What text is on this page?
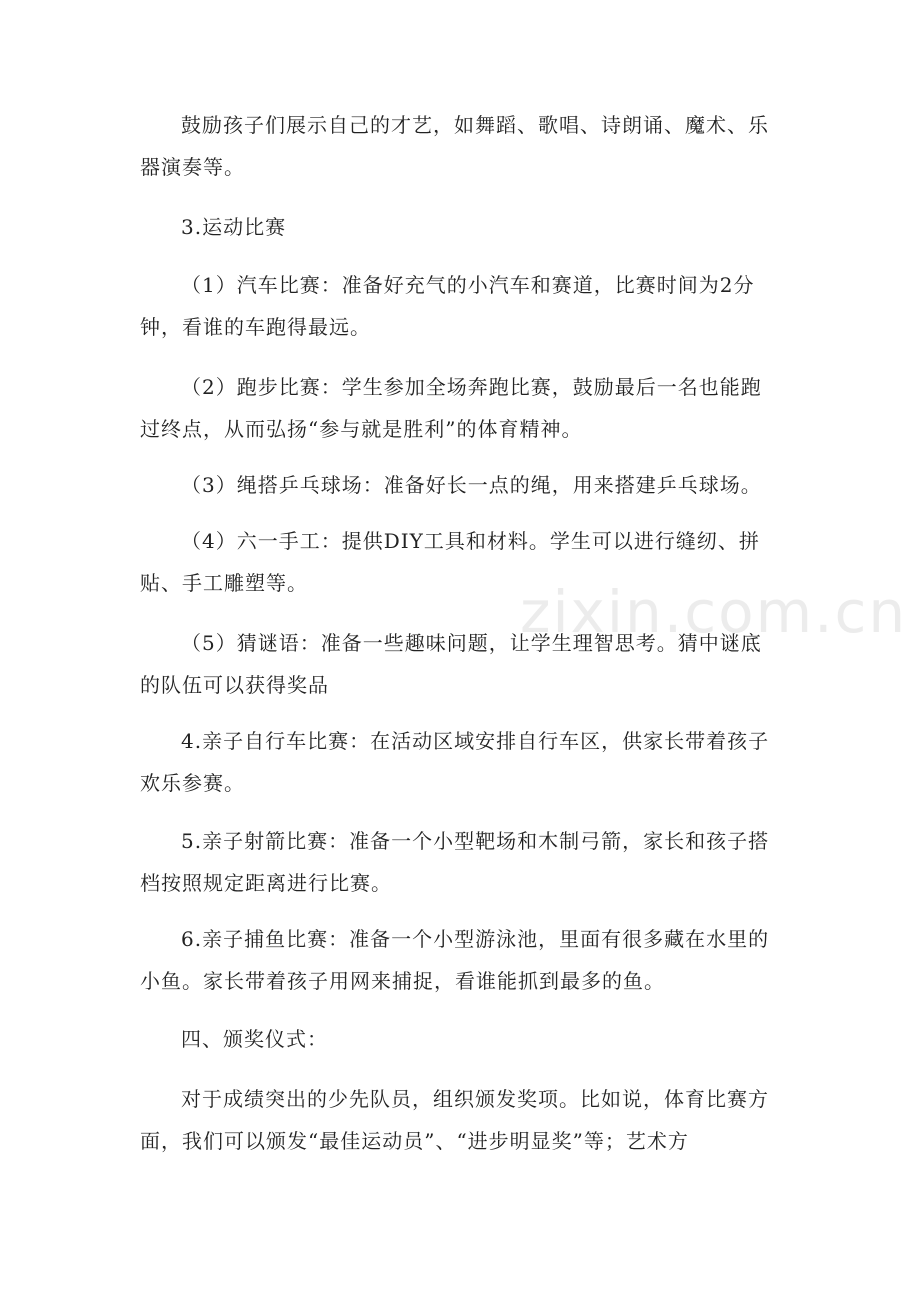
鼓励孩子们展示自己的才艺，如舞蹈、歌唱、诗朗诵、魔术、乐器演奏等。

3.运动比赛

（1）汽车比赛：准备好充气的小汽车和赛道，比赛时间为2分钟，看谁的车跑得最远。

（2）跑步比赛：学生参加全场奔跑比赛，鼓励最后一名也能跑过终点，从而弘扬“参与就是胜利”的体育精神。

（3）绳搭乒乓球场：准备好长一点的绳，用来搭建乒乓球场。

（4）六一手工：提供DIY工具和材料。学生可以进行缝纫、拼贴、手工雕塑等。

（5）猜谜语：准备一些趣味问题，让学生理智思考。猜中谜底的队伍可以获得奖品

4.亲子自行车比赛：在活动区域安排自行车区，供家长带着孩子欢乐参赛。

5.亲子射箭比赛：准备一个小型靶场和木制弓箭，家长和孩子搭档按照规定距离进行比赛。

6.亲子捕鱼比赛：准备一个小型游泳池，里面有很多藏在水里的小鱼。家长带着孩子用网来捕捉，看谁能抓到最多的鱼。

四、颁奖仪式：

对于成绩突出的少先队员，组织颁发奖项。比如说，体育比赛方面，我们可以颁发“最佳运动员”、“进步明显奖”等；艺术方

zixin.com.cn
